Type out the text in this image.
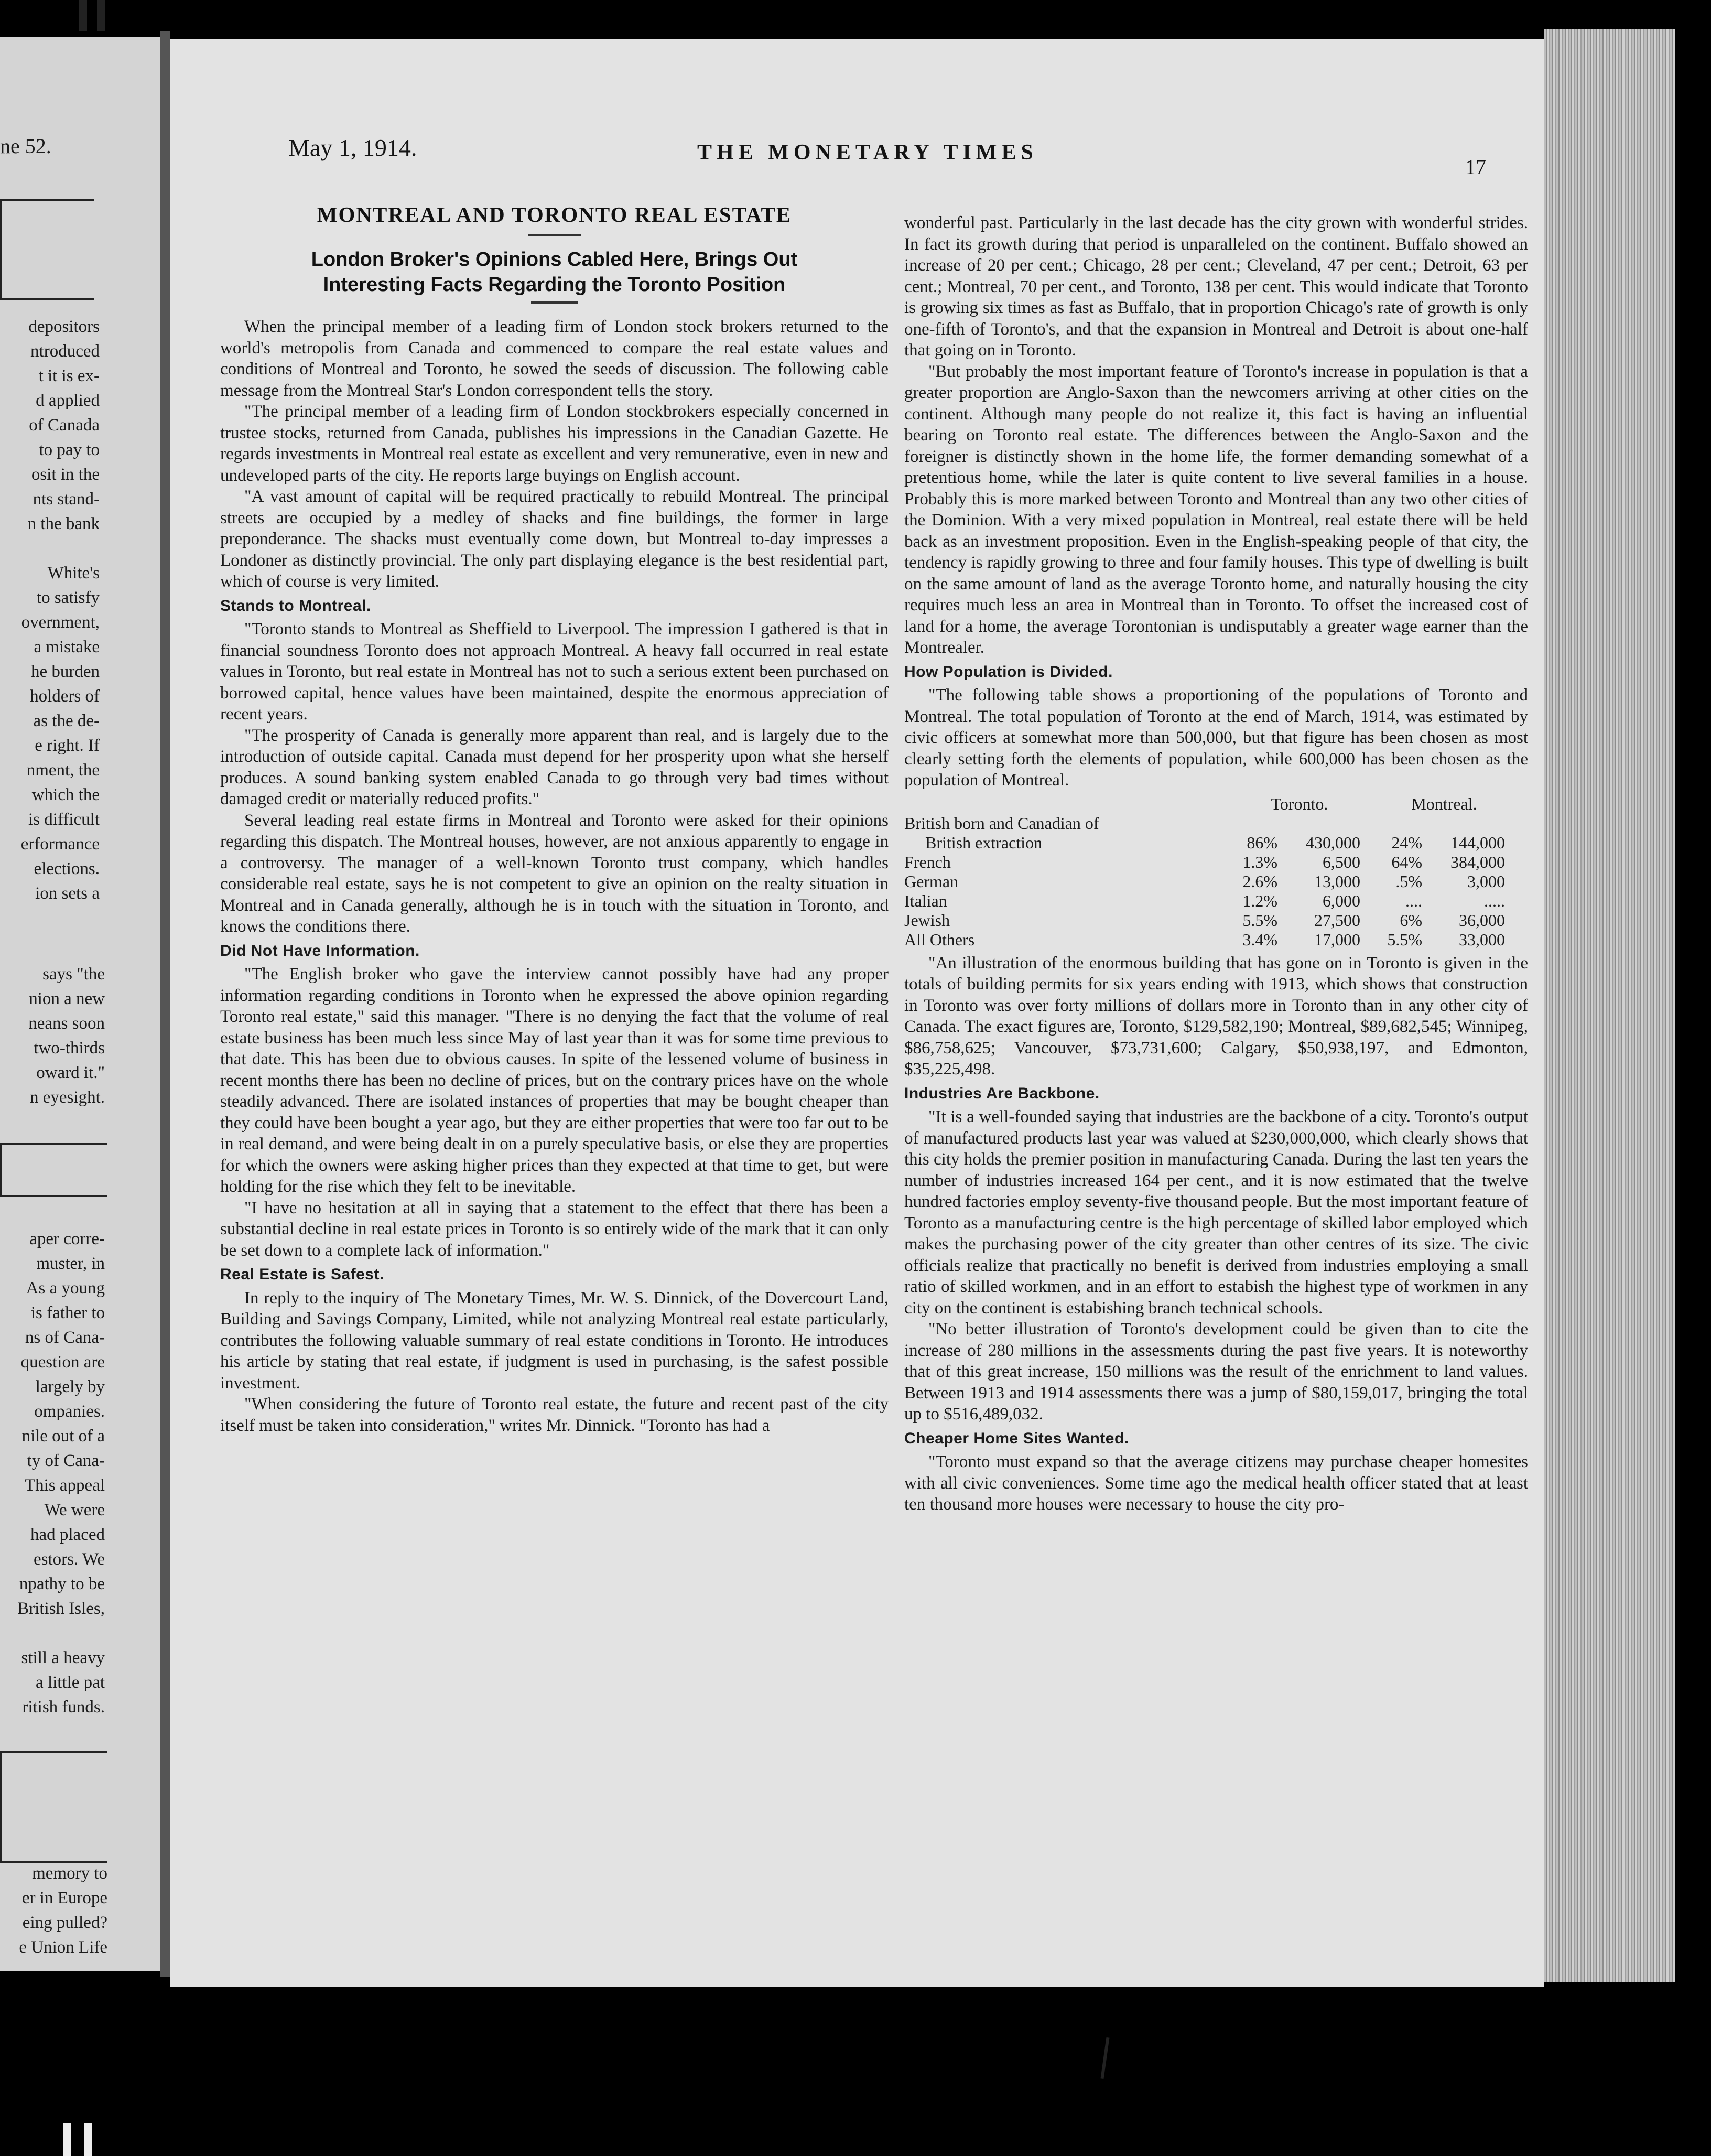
ne 52.
depositors
ntroduced
t it is ex-
d applied
of Canada
to pay to
osit in the
nts stand-
n the bank
White's
to satisfy
overnment,
a mistake
he burden
holders of
as the de-
e right. If
nment, the
which the
is difficult
erformance
elections.
ion sets a
says "the
nion a new
neans soon
two-thirds
oward it."
n eyesight.
aper corre-
muster, in
As a young
is father to
ns of Cana-
question are
largely by
ompanies.
nile out of a
ty of Cana-
This appeal
We were
had placed
estors. We
npathy to be
British Isles,
still a heavy
a little pat
ritish funds.
memory to
er in Europe
eing pulled?
e Union Life
May 1, 1914.	THE MONETARY TIMES
17
MONTREAL AND TORONTO REAL ESTATE
London Broker's Opinions Cabled Here, Brings Out Interesting Facts Regarding the Toronto Position

When the principal member of a leading firm of London stock brokers returned to the world's metropolis from Canada and commenced to compare the real estate values and conditions of Montreal and Toronto, he sowed the seeds of discussion. The following cable message from the Montreal Star's London correspondent tells the story.

"The principal member of a leading firm of London stockbrokers especially concerned in trustee stocks, returned from Canada, publishes his impressions in the Canadian Gazette. He regards investments in Montreal real estate as excellent and very remunerative, even in new and undeveloped parts of the city. He reports large buyings on English account.

"A vast amount of capital will be required practically to rebuild Montreal. The principal streets are occupied by a medley of shacks and fine buildings, the former in large preponderance. The shacks must eventually come down, but Montreal to-day impresses a Londoner as distinctly provincial. The only part displaying elegance is the best residential part, which of course is very limited.

Stands to Montreal.

"Toronto stands to Montreal as Sheffield to Liverpool. The impression I gathered is that in financial soundness Toronto does not approach Montreal. A heavy fall occurred in real estate values in Toronto, but real estate in Montreal has not to such a serious extent been purchased on borrowed capital, hence values have been maintained, despite the enormous appreciation of recent years.

"The prosperity of Canada is generally more apparent than real, and is largely due to the introduction of outside capital. Canada must depend for her prosperity upon what she herself produces. A sound banking system enabled Canada to go through very bad times without damaged credit or materially reduced profits."

Several leading real estate firms in Montreal and Toronto were asked for their opinions regarding this dispatch. The Montreal houses, however, are not anxious apparently to engage in a controversy. The manager of a well-known Toronto trust company, which handles considerable real estate, says he is not competent to give an opinion on the realty situation in Montreal and in Canada generally, although he is in touch with the situation in Toronto, and knows the conditions there.

Did Not Have Information.

"The English broker who gave the interview cannot possibly have had any proper information regarding conditions in Toronto when he expressed the above opinion regarding Toronto real estate," said this manager. "There is no denying the fact that the volume of real estate business has been much less since May of last year than it was for some time previous to that date. This has been due to obvious causes. In spite of the lessened volume of business in recent months there has been no decline of prices, but on the contrary prices have on the whole steadily advanced. There are isolated instances of properties that may be bought cheaper than they could have been bought a year ago, but they are either properties that were too far out to be in real demand, and were being dealt in on a purely speculative basis, or else they are properties for which the owners were asking higher prices than they expected at that time to get, but were holding for the rise which they felt to be inevitable.

"I have no hesitation at all in saying that a statement to the effect that there has been a substantial decline in real estate prices in Toronto is so entirely wide of the mark that it can only be set down to a complete lack of information."

Real Estate is Safest.

In reply to the inquiry of The Monetary Times, Mr. W. S. Dinnick, of the Dovercourt Land, Building and Savings Company, Limited, while not analyzing Montreal real estate particularly, contributes the following valuable summary of real estate conditions in Toronto. He introduces his article by stating that real estate, if judgment is used in purchasing, is the safest possible investment.

"When considering the future of Toronto real estate, the future and recent past of the city itself must be taken into consideration," writes Mr. Dinnick. "Toronto has had a

wonderful past. Particularly in the last decade has the city grown with wonderful strides. In fact its growth during that period is unparalleled on the continent. Buffalo showed an increase of 20 per cent.; Chicago, 28 per cent.; Cleveland, 47 per cent.; Detroit, 63 per cent.; Montreal, 70 per cent., and Toronto, 138 per cent. This would indicate that Toronto is growing six times as fast as Buffalo, that in proportion Chicago's rate of growth is only one-fifth of Toronto's, and that the expansion in Montreal and Detroit is about one-half that going on in Toronto.

"But probably the most important feature of Toronto's increase in population is that a greater proportion are Anglo-Saxon than the newcomers arriving at other cities on the continent. Although many people do not realize it, this fact is having an influential bearing on Toronto real estate. The differences between the Anglo-Saxon and the foreigner is distinctly shown in the home life, the former demanding somewhat of a pretentious home, while the later is quite content to live several families in a house. Probably this is more marked between Toronto and Montreal than any two other cities of the Dominion. With a very mixed population in Montreal, real estate there will be held back as an investment proposition. Even in the English-speaking people of that city, the tendency is rapidly growing to three and four family houses. This type of dwelling is built on the same amount of land as the average Toronto home, and naturally housing the city requires much less an area in Montreal than in Toronto. To offset the increased cost of land for a home, the average Torontonian is undisputably a greater wage earner than the Montrealer.

How Population is Divided.

"The following table shows a proportioning of the populations of Toronto and Montreal. The total population of Toronto at the end of March, 1914, was estimated by civic officers at somewhat more than 500,000, but that figure has been chosen as most clearly setting forth the elements of population, while 600,000 has been chosen as the population of Montreal.

	Toronto.		Montreal.	
British born and Canadian of				
British extraction	86%	430,000	24%	144,000
French	1.3%	6,500	64%	384,000
German	2.6%	13,000	.5%	3,000
Italian	1.2%	6,000	....	.....
Jewish	5.5%	27,500	6%	36,000
All Others	3.4%	17,000	5.5%	33,000

"An illustration of the enormous building that has gone on in Toronto is given in the totals of building permits for six years ending with 1913, which shows that construction in Toronto was over forty millions of dollars more in Toronto than in any other city of Canada. The exact figures are, Toronto, $129,582,190; Montreal, $89,682,545; Winnipeg, $86,758,625; Vancouver, $73,731,600; Calgary, $50,938,197, and Edmonton, $35,225,498.

Industries Are Backbone.

"It is a well-founded saying that industries are the backbone of a city. Toronto's output of manufactured products last year was valued at $230,000,000, which clearly shows that this city holds the premier position in manufacturing Canada. During the last ten years the number of industries increased 164 per cent., and it is now estimated that the twelve hundred factories employ seventy-five thousand people. But the most important feature of Toronto as a manufacturing centre is the high percentage of skilled labor employed which makes the purchasing power of the city greater than other centres of its size. The civic officials realize that practically no benefit is derived from industries employing a small ratio of skilled workmen, and in an effort to estabish the highest type of workmen in any city on the continent is estabishing branch technical schools.

"No better illustration of Toronto's development could be given than to cite the increase of 280 millions in the assessments during the past five years. It is noteworthy that of this great increase, 150 millions was the result of the enrichment to land values. Between 1913 and 1914 assessments there was a jump of $80,159,017, bringing the total up to $516,489,032.

Cheaper Home Sites Wanted.

"Toronto must expand so that the average citizens may purchase cheaper homesites with all civic conveniences. Some time ago the medical health officer stated that at least ten thousand more houses were necessary to house the city pro-
